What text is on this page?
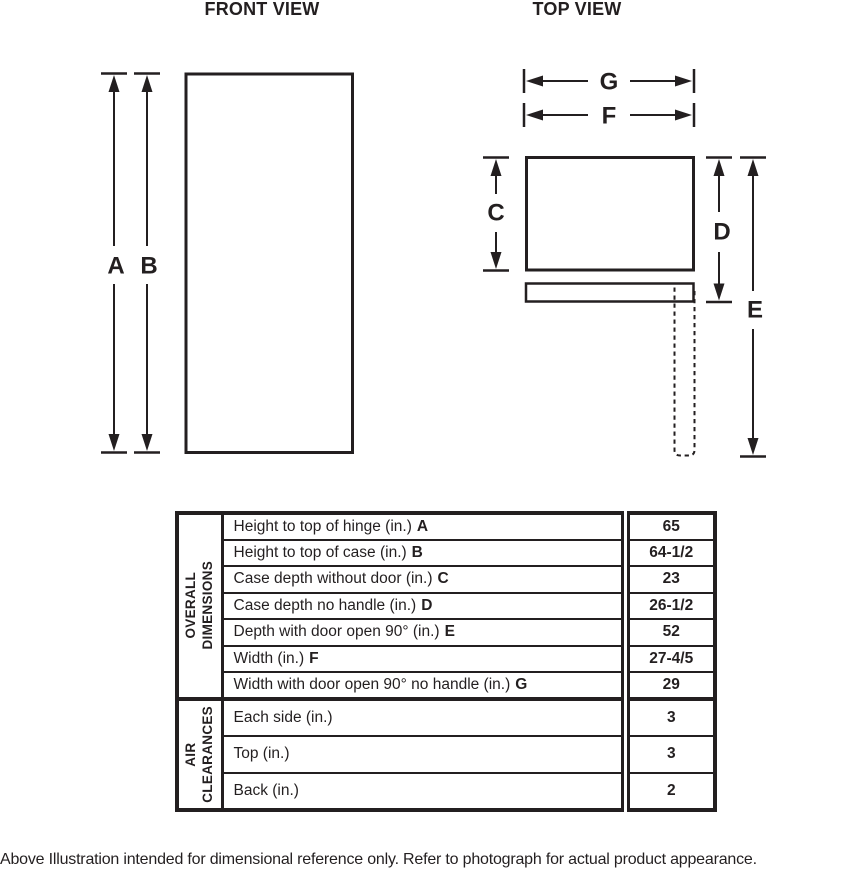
FRONT VIEW	TOP VIEW
A B
G
F
C
D
E
OVERALL DIMENSIONS	Height to top of hinge (in.) A	65
	Height to top of case (in.) B	64-1/2
	Case depth without door (in.) C	23
	Case depth no handle (in.) D	26-1/2
	Depth with door open 90° (in.) E	52
	Width (in.) F	27-4/5
	Width with door open 90° no handle (in.) G	29

AIR CLEARANCES	Each side (in.)	3
	Top (in.)	3
	Back (in.)	2
Above Illustration intended for dimensional reference only. Refer to photograph for actual product appearance.
